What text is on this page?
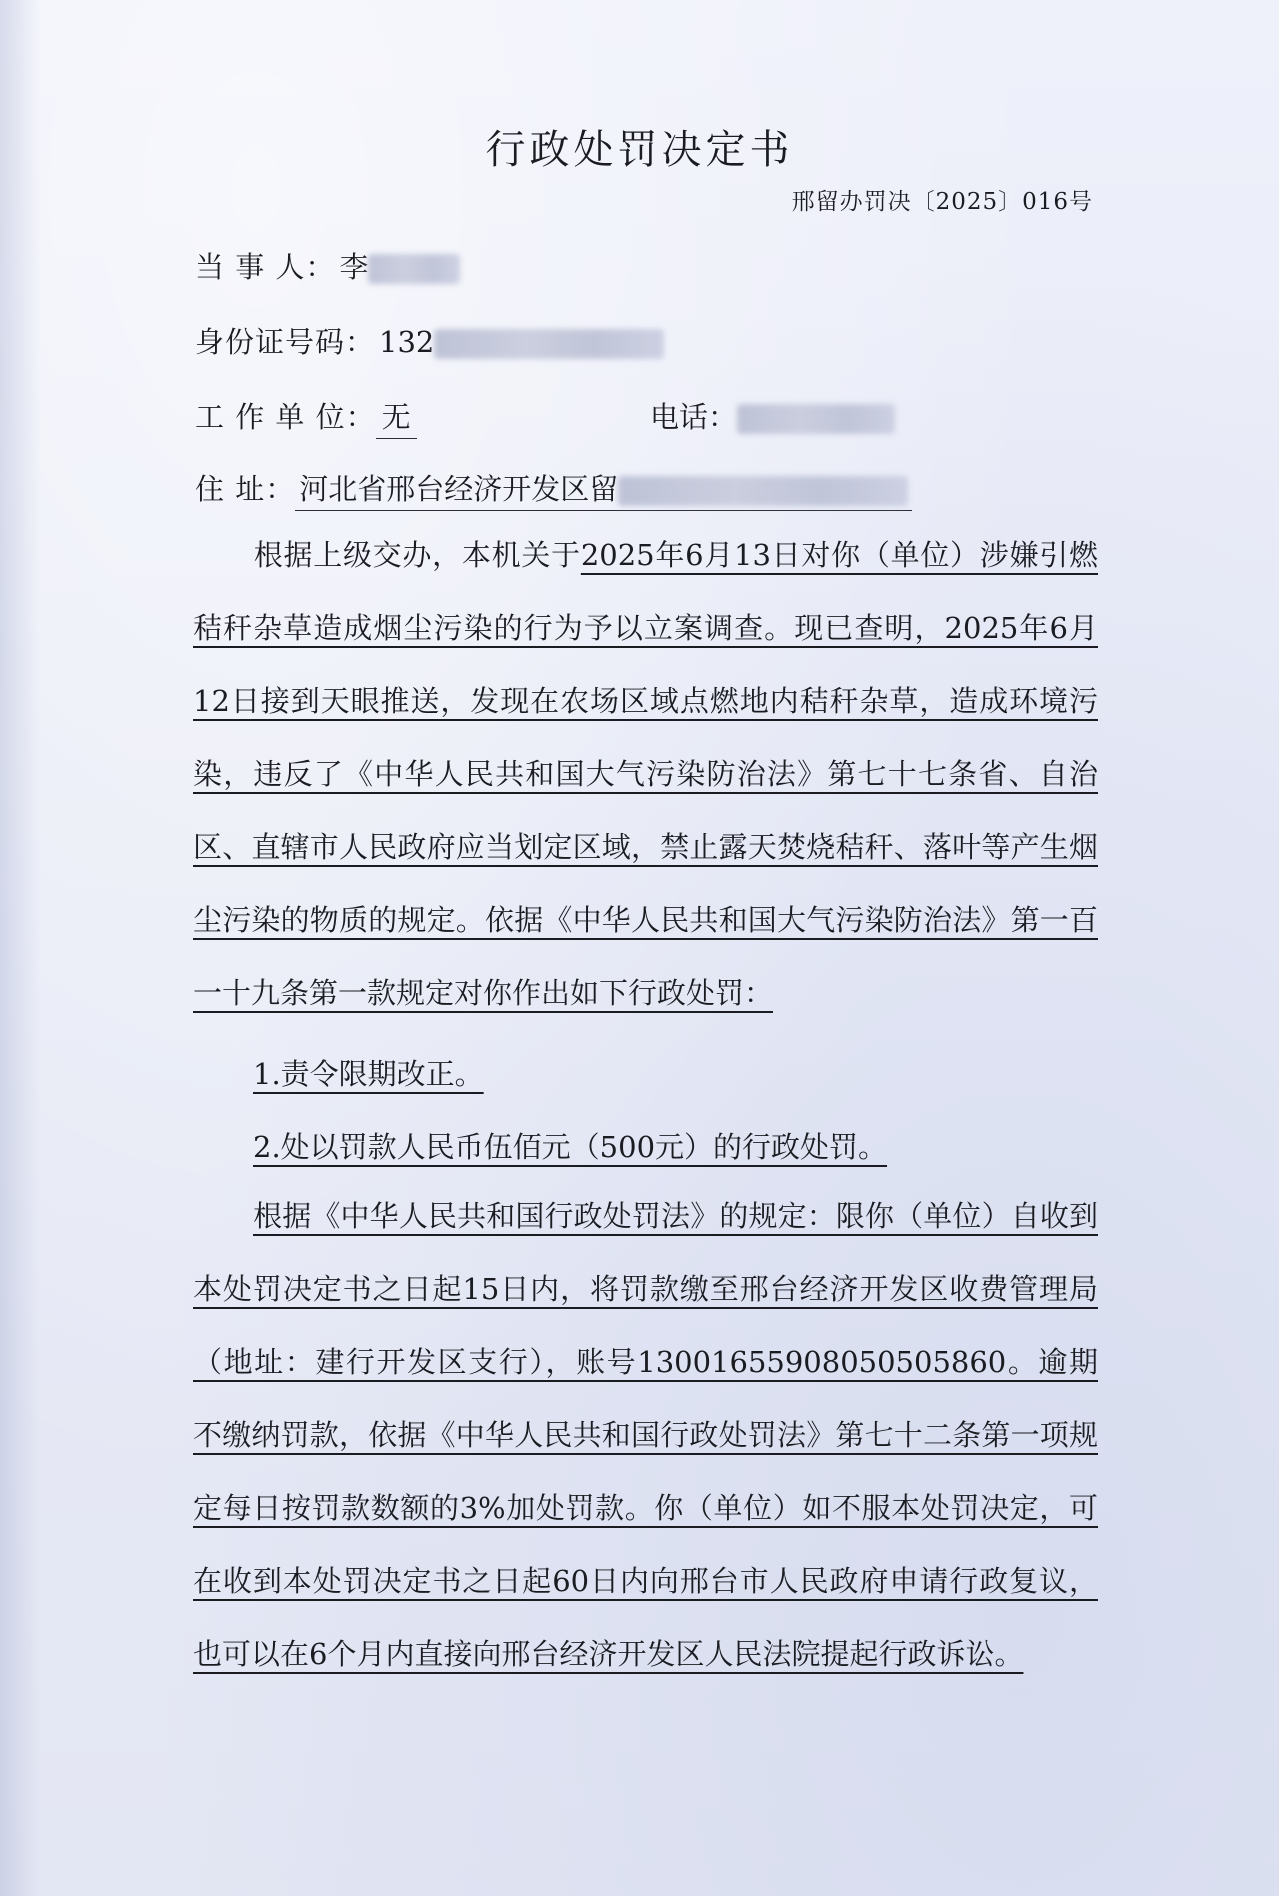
行政处罚决定书
邢留办罚决〔2025〕016号
当 事 人： 李
身份证号码： 132
工 作 单 位： 无	电话：
住 址： 河北省邢台经济开发区留
根据上级交办，本机关于2025年6月13日对你（单位）涉嫌引燃秸秆杂草造成烟尘污染的行为予以立案调查。现已查明，2025年6月12日接到天眼推送，发现在农场区域点燃地内秸秆杂草，造成环境污染，违反了《中华人民共和国大气污染防治法》第七十七条省、自治区、直辖市人民政府应当划定区域，禁止露天焚烧秸秆、落叶等产生烟尘污染的物质的规定。依据《中华人民共和国大气污染防治法》第一百一十九条第一款规定对你作出如下行政处罚：
1.责令限期改正。
2.处以罚款人民币伍佰元（500元）的行政处罚。
根据《中华人民共和国行政处罚法》的规定：限你（单位）自收到本处罚决定书之日起15日内，将罚款缴至邢台经济开发区收费管理局（地址：建行开发区支行），账号13001655908050505860。逾期不缴纳罚款，依据《中华人民共和国行政处罚法》第七十二条第一项规定每日按罚款数额的3%加处罚款。你（单位）如不服本处罚决定，可在收到本处罚决定书之日起60日内向邢台市人民政府申请行政复议，也可以在6个月内直接向邢台经济开发区人民法院提起行政诉讼。
